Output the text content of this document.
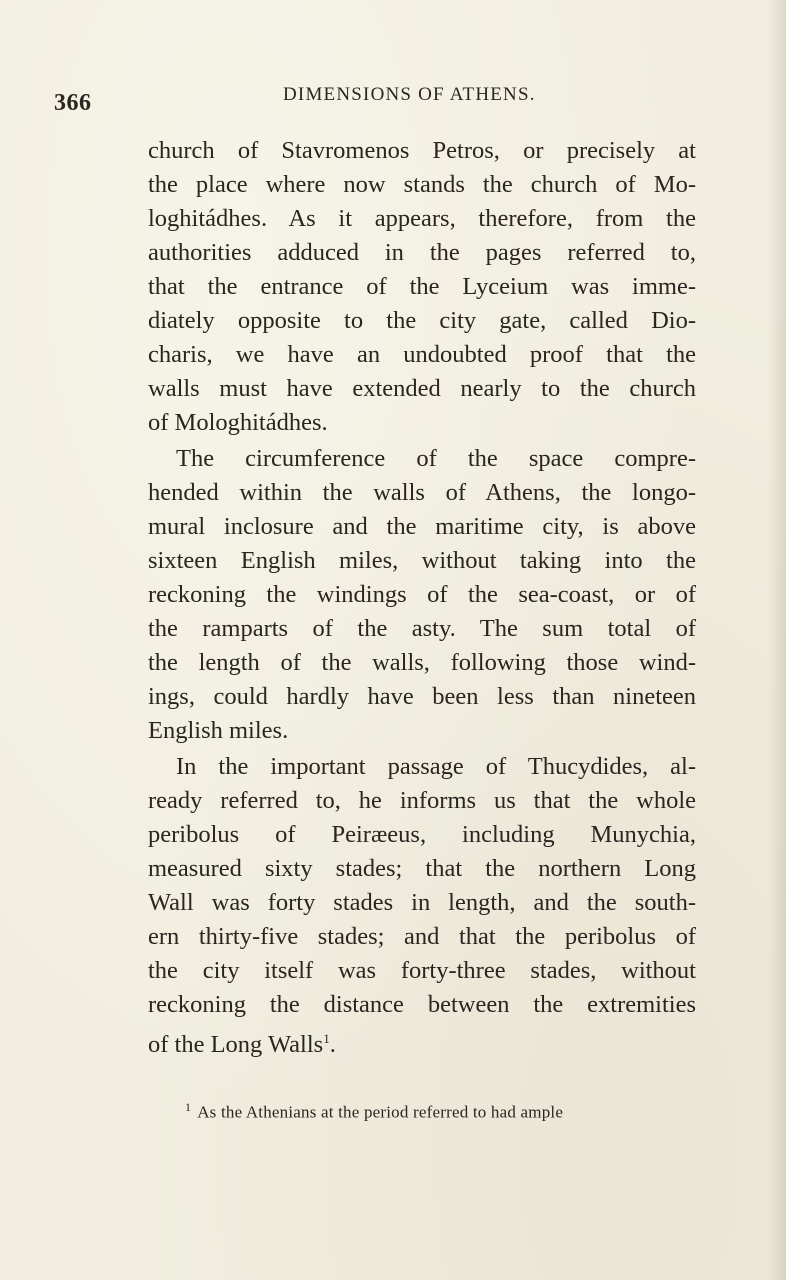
366	DIMENSIONS OF ATHENS.
church of Stavromenos Petros, or precisely at
the place where now stands the church of Mo-
loghitádhes. As it appears, therefore, from the
authorities adduced in the pages referred to,
that the entrance of the Lyceium was imme-
diately opposite to the city gate, called Dio-
charis, we have an undoubted proof that the
walls must have extended nearly to the church
of Mologhitádhes.
The circumference of the space compre-
hended within the walls of Athens, the longo-
mural inclosure and the maritime city, is above
sixteen English miles, without taking into the
reckoning the windings of the sea-coast, or of
the ramparts of the asty. The sum total of
the length of the walls, following those wind-
ings, could hardly have been less than nineteen
English miles.
In the important passage of Thucydides, al-
ready referred to, he informs us that the whole
peribolus of Peiræeus, including Munychia,
measured sixty stades; that the northern Long
Wall was forty stades in length, and the south-
ern thirty-five stades; and that the peribolus of
the city itself was forty-three stades, without
reckoning the distance between the extremities
of the Long Walls$^1$.
$^1$ As the Athenians at the period referred to had ample
